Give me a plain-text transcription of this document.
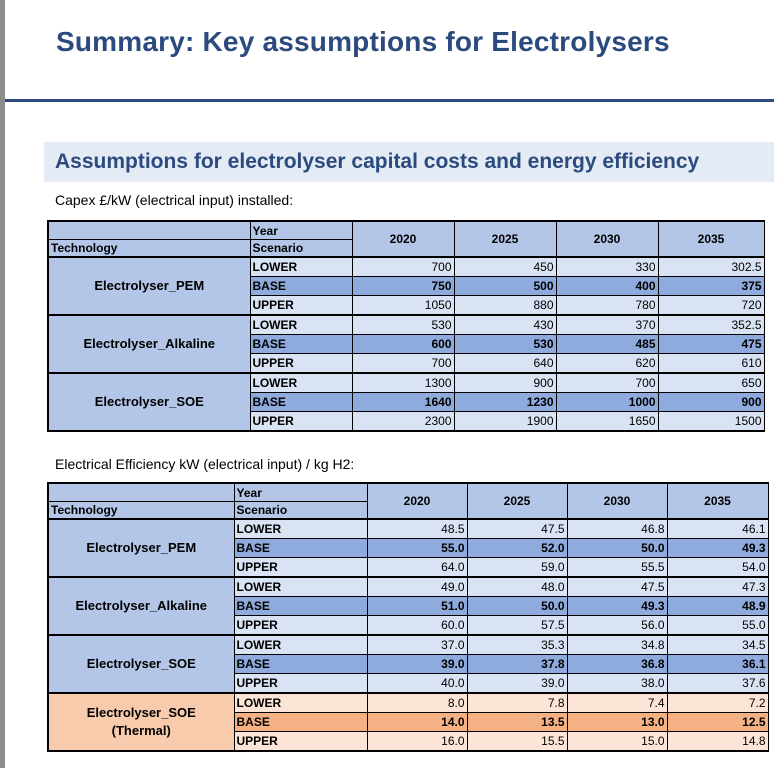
Summary: Key assumptions for Electrolysers
Assumptions for electrolyser capital costs and energy efficiency
Capex £/kW (electrical input) installed:
Technology	Year
Scenario	2020	2025	2030	2035

Electrolyser_PEM	LOWER	700	450	330	302.5
	BASE	750	500	400	375
	UPPER	1050	880	780	720

Electrolyser_Alkaline	LOWER	530	430	370	352.5
	BASE	600	530	485	475
	UPPER	700	640	620	610

Electrolyser_SOE	LOWER	1300	900	700	650
	BASE	1640	1230	1000	900
	UPPER	2300	1900	1650	1500
Electrical Efficiency kW (electrical input) / kg H2:
Technology	Year
Scenario	2020	2025	2030	2035

Electrolyser_PEM	LOWER	48.5	47.5	46.8	46.1
	BASE	55.0	52.0	50.0	49.3
	UPPER	64.0	59.0	55.5	54.0

Electrolyser_Alkaline	LOWER	49.0	48.0	47.5	47.3
	BASE	51.0	50.0	49.3	48.9
	UPPER	60.0	57.5	56.0	55.0

Electrolyser_SOE	LOWER	37.0	35.3	34.8	34.5
	BASE	39.0	37.8	36.8	36.1
	UPPER	40.0	39.0	38.0	37.6

Electrolyser_SOE
(Thermal)	LOWER	8.0	7.8	7.4	7.2
	BASE	14.0	13.5	13.0	12.5
	UPPER	16.0	15.5	15.0	14.8
